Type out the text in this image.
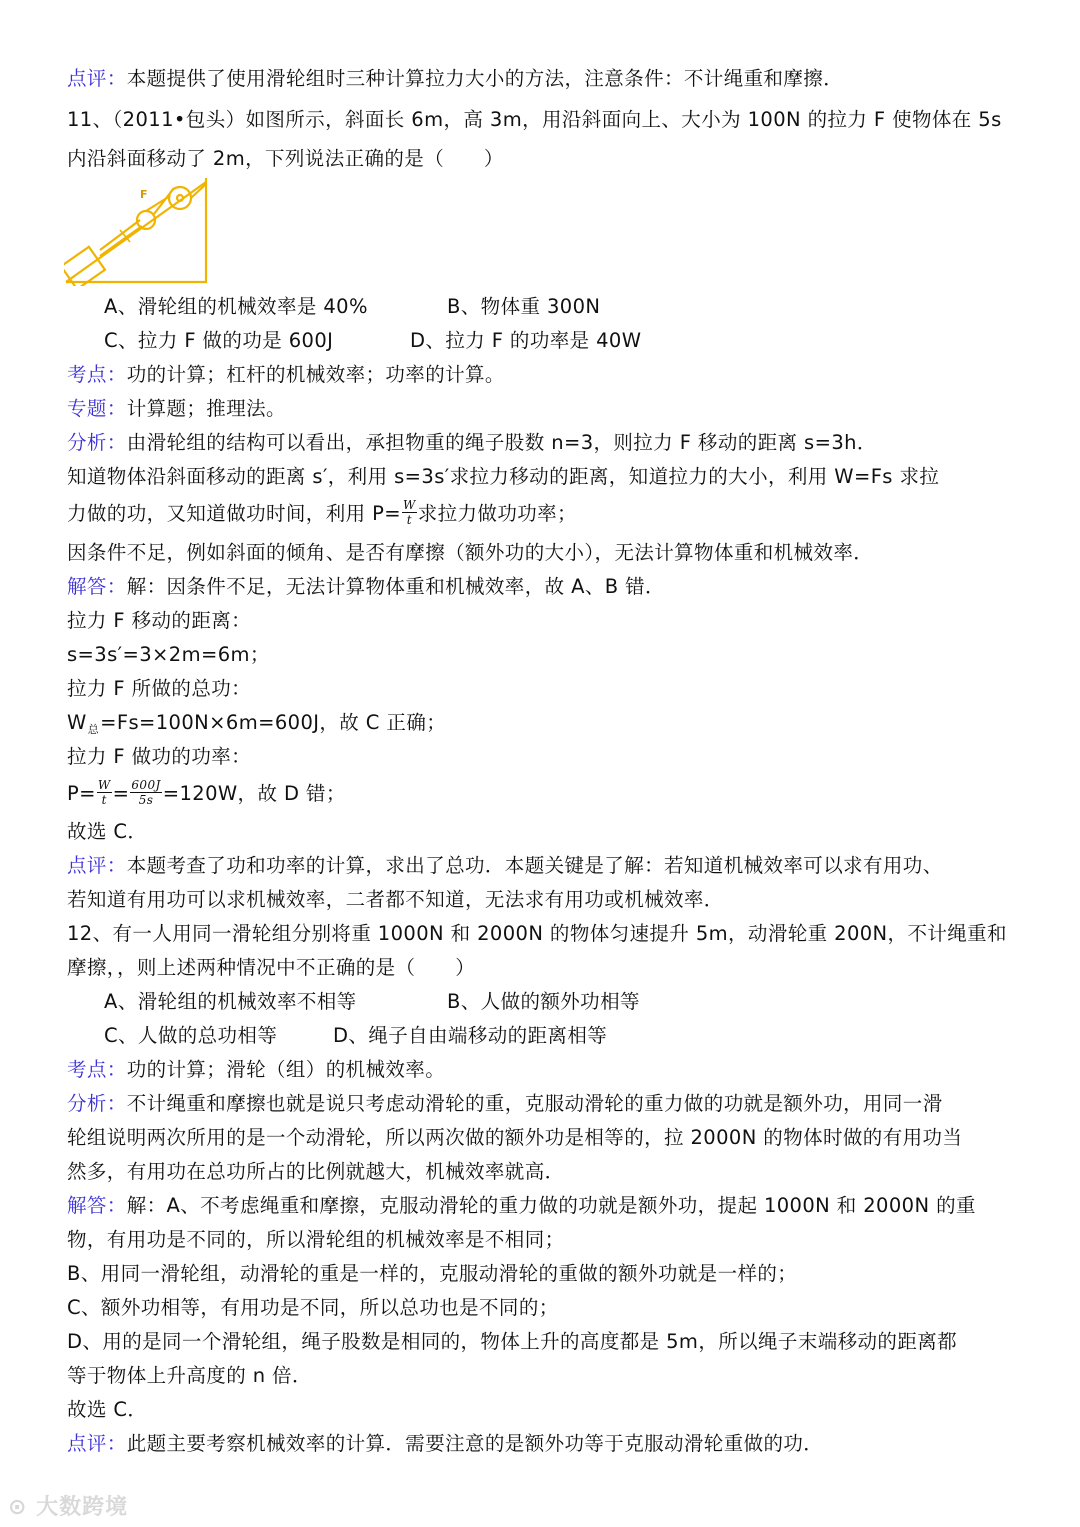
点评：本题提供了使用滑轮组时三种计算拉力大小的方法，注意条件：不计绳重和摩擦．
11、（2011•包头）如图所示，斜面长 6m，高 3m，用沿斜面向上、大小为 100N 的拉力 F 使物体在 5s
内沿斜面移动了 2m，下列说法正确的是（　　）
F
A、滑轮组的机械效率是 40%	B、物体重 300N
C、拉力 F 做的功是 600J	D、拉力 F 的功率是 40W
考点：功的计算；杠杆的机械效率；功率的计算。
专题：计算题；推理法。
分析：由滑轮组的结构可以看出，承担物重的绳子股数 n=3，则拉力 F 移动的距离 s=3h．
知道物体沿斜面移动的距离 s′，利用 s=3s′求拉力移动的距离，知道拉力的大小，利用 W=Fs 求拉
力做的功，又知道做功时间，利用 $P= \frac{W}{t}$ 求拉力做功功率；
因条件不足，例如斜面的倾角、是否有摩擦（额外功的大小），无法计算物体重和机械效率．
解答：解：因条件不足，无法计算物体重和机械效率，故 A、B 错．
拉力 F 移动的距离：
s=3s′=3×2m=6m；
拉力 F 所做的总功：
$W_总=Fs=100N\times 6m=600J$，故 C 正确；
拉力 F 做功的功率：
$P= \frac{W}{t} = \frac{600J}{5s} =120W$，故 D 错；
故选 C．
点评：本题考查了功和功率的计算，求出了总功．本题关键是了解：若知道机械效率可以求有用功、
若知道有用功可以求机械效率，二者都不知道，无法求有用功或机械效率．
12、有一人用同一滑轮组分别将重 1000N 和 2000N 的物体匀速提升 5m，动滑轮重 200N，不计绳重和
摩擦，，则上述两种情况中不正确的是（　　）
A、滑轮组的机械效率不相等	B、人做的额外功相等
C、人做的总功相等	D、绳子自由端移动的距离相等
考点：功的计算；滑轮（组）的机械效率。
分析：不计绳重和摩擦也就是说只考虑动滑轮的重，克服动滑轮的重力做的功就是额外功，用同一滑
轮组说明两次所用的是一个动滑轮，所以两次做的额外功是相等的，拉 2000N 的物体时做的有用功当
然多，有用功在总功所占的比例就越大，机械效率就高．
解答：解：A、不考虑绳重和摩擦，克服动滑轮的重力做的功就是额外功，提起 1000N 和 2000N 的重
物，有用功是不同的，所以滑轮组的机械效率是不相同；
B、用同一滑轮组，动滑轮的重是一样的，克服动滑轮的重做的额外功就是一样的；
C、额外功相等，有用功是不同，所以总功也是不同的；
D、用的是同一个滑轮组，绳子股数是相同的，物体上升的高度都是 5m，所以绳子末端移动的距离都
等于物体上升高度的 n 倍．
故选 C．
点评：此题主要考察机械效率的计算．需要注意的是额外功等于克服动滑轮重做的功．
⊙ 大数跨境
